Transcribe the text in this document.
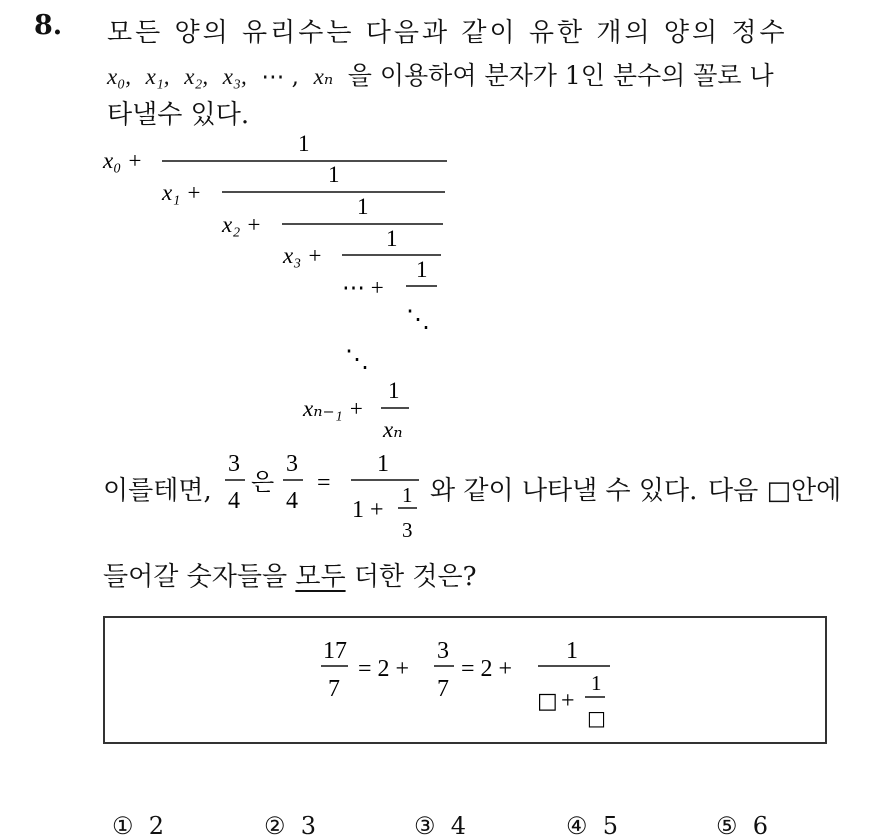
8. 모든 양의 유리수는 다음과 같이 유한 개의 양의 정수
x₀, x₁, x₂, x₃, ⋯ , xₙ 을 이용하여 분자가 1인 분수의 꼴로 나
타낼수 있다.
x₀ +
1
x₁ +
1
x₂ +
1
x₃ +
1
⋯ +
1
⋱
⋱
xₙ₋₁ +
1
xₙ
이를테면,
3
4
은
3
4
=
1
1 +
1
3
와 같이 나타낼 수 있다. 다음 □안에
들어갈 숫자들을 모두 더한 것은?
17
7
= 2 +
3
7
= 2 +
1
□ +
1
□
① 2	② 3	③ 4	④ 5	⑤ 6
